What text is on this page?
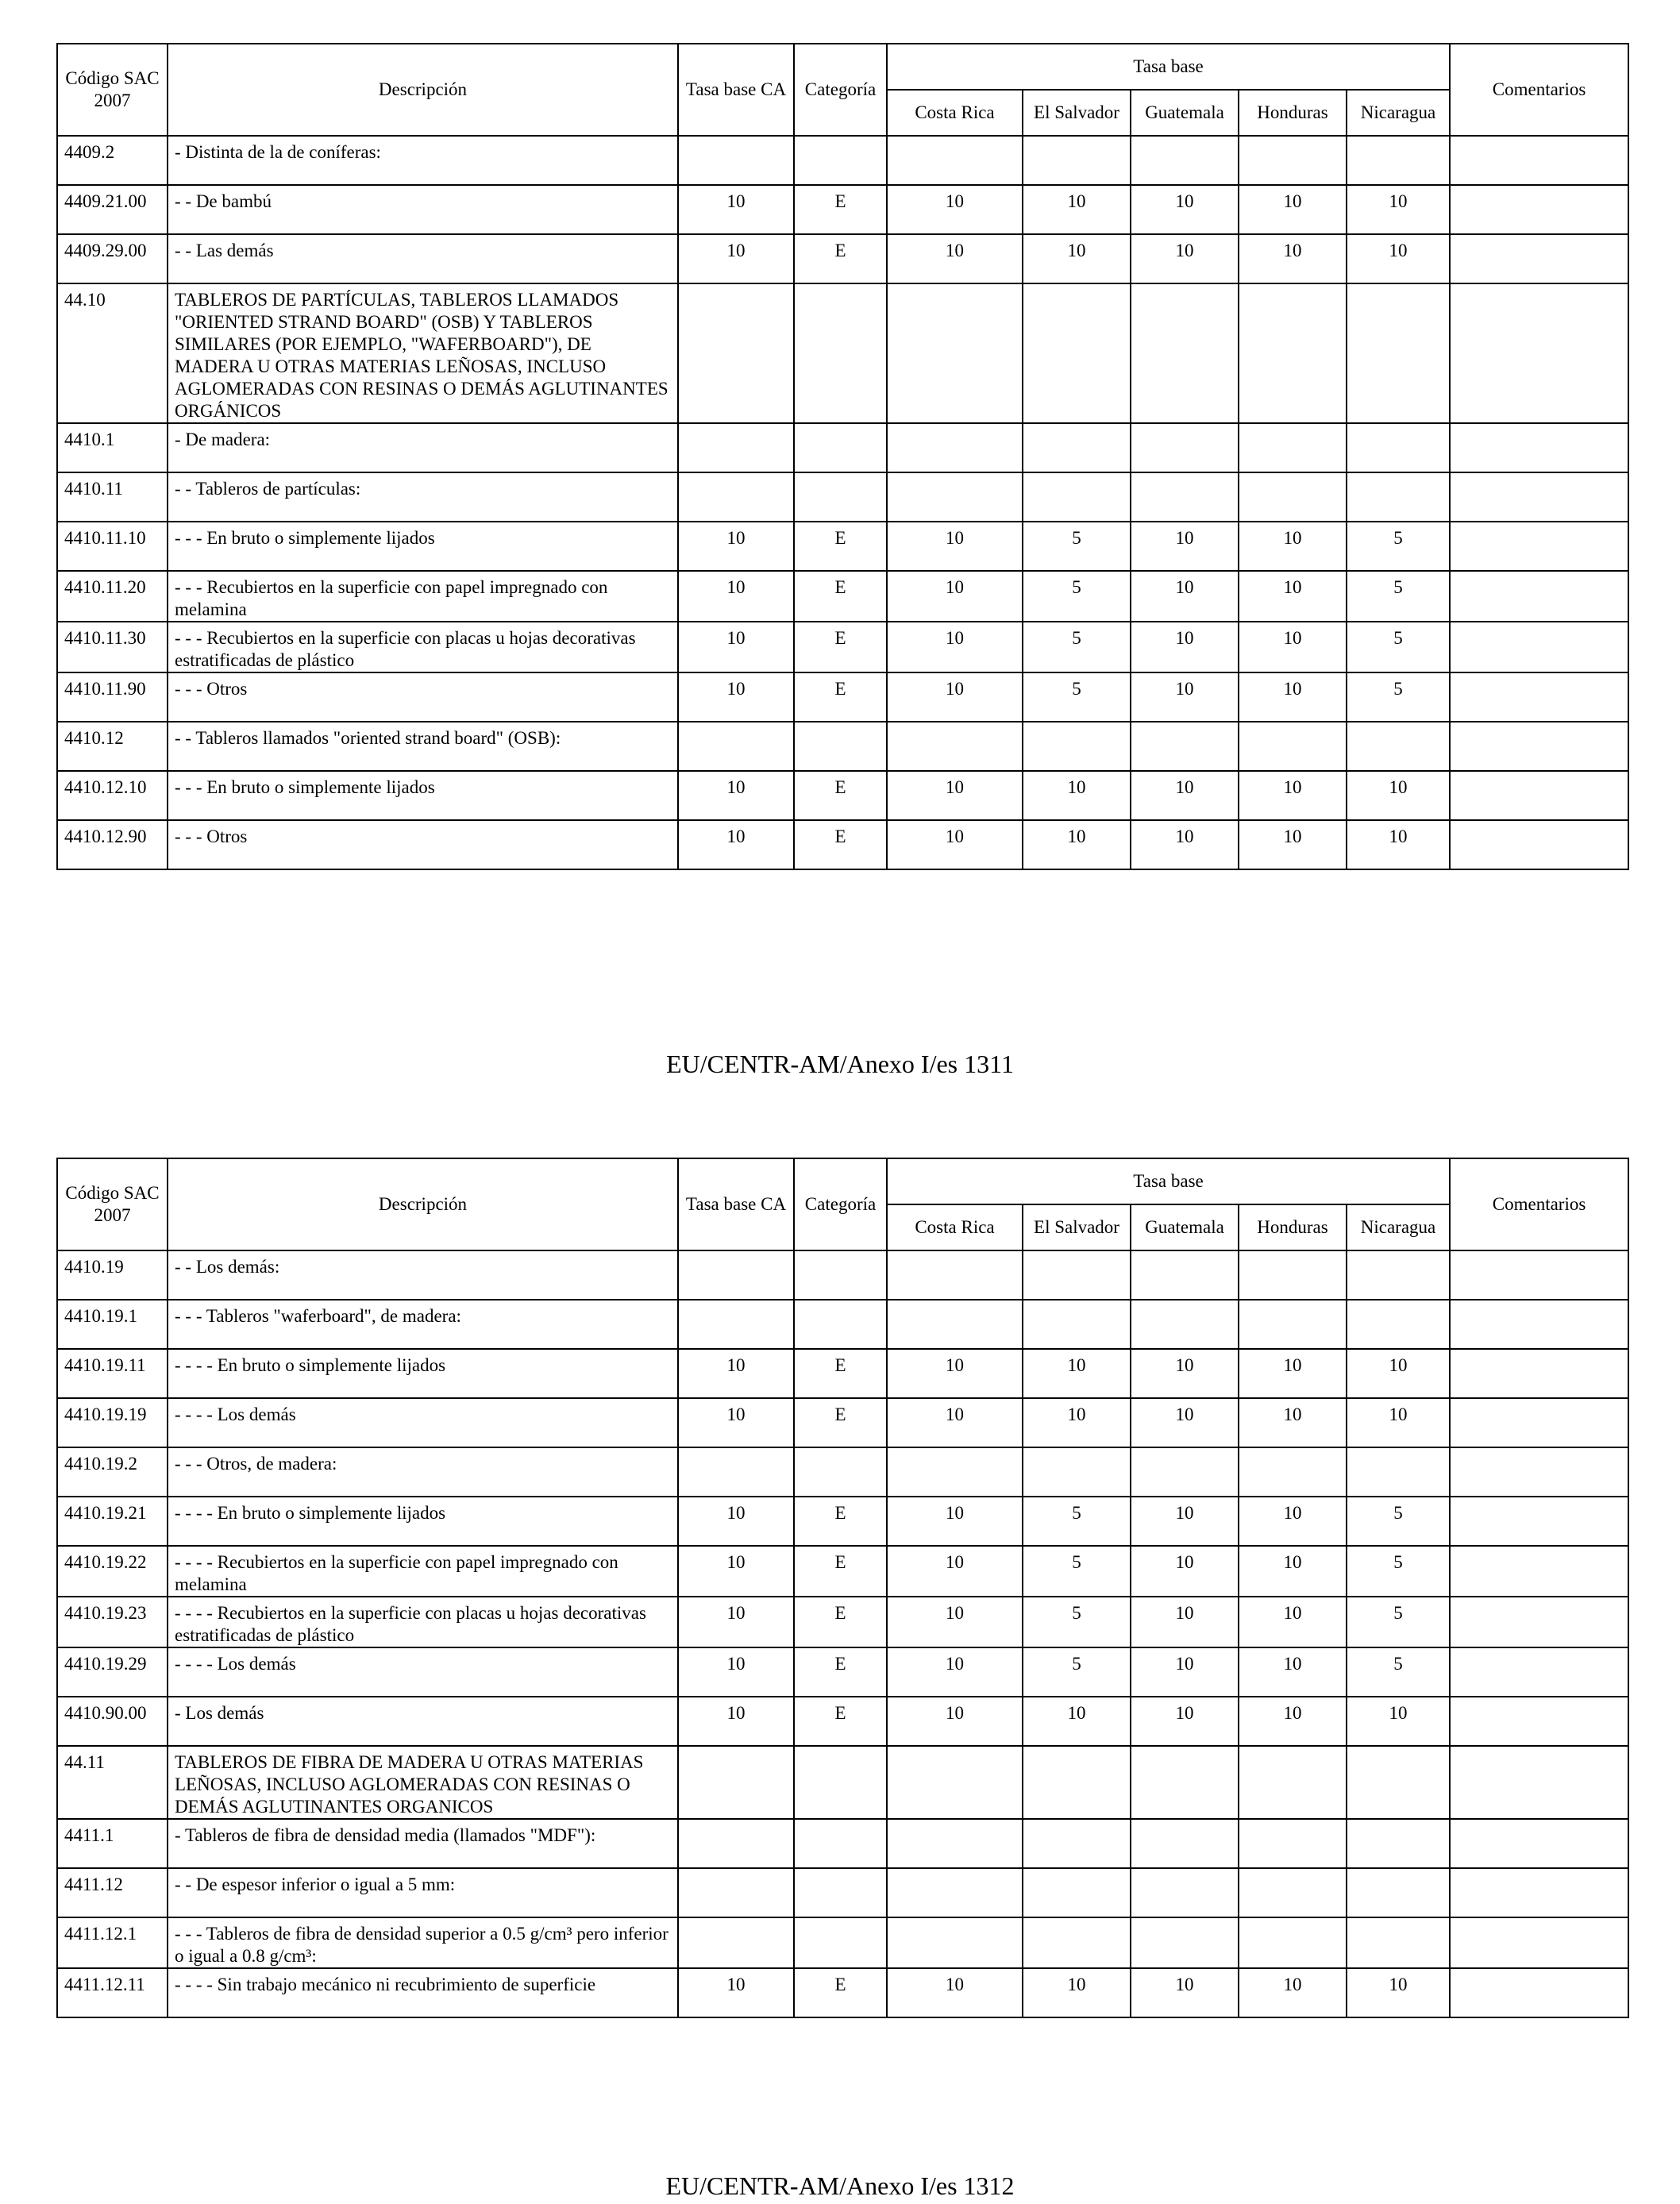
Código SAC
2007	Descripción	Tasa base CA	Categoría	Tasa base					Comentarios
				Costa Rica	El Salvador	Guatemala	Honduras	Nicaragua	
4409.2	- Distinta de la de coníferas:								
4409.21.00	- - De bambú	10	E	10	10	10	10	10	
4409.29.00	- - Las demás	10	E	10	10	10	10	10	
44.10	TABLEROS DE PARTÍCULAS, TABLEROS LLAMADOS "ORIENTED STRAND BOARD" (OSB) Y TABLEROS SIMILARES (POR EJEMPLO, "WAFERBOARD"), DE MADERA U OTRAS MATERIAS LEÑOSAS, INCLUSO AGLOMERADAS CON RESINAS O DEMÁS AGLUTINANTES ORGÁNICOS								
4410.1	- De madera:								
4410.11	- - Tableros de partículas:								
4410.11.10	- - - En bruto o simplemente lijados	10	E	10	5	10	10	5	
4410.11.20	- - - Recubiertos en la superficie con papel impregnado con melamina	10	E	10	5	10	10	5	
4410.11.30	- - - Recubiertos en la superficie con placas u hojas decorativas estratificadas de plástico	10	E	10	5	10	10	5	
4410.11.90	- - - Otros	10	E	10	5	10	10	5	
4410.12	- - Tableros llamados "oriented strand board" (OSB):								
4410.12.10	- - - En bruto o simplemente lijados	10	E	10	10	10	10	10	
4410.12.90	- - - Otros	10	E	10	10	10	10	10	
EU/CENTR-AM/Anexo I/es 1311
Código SAC
2007	Descripción	Tasa base CA	Categoría	Tasa base					Comentarios
				Costa Rica	El Salvador	Guatemala	Honduras	Nicaragua	
4410.19	- - Los demás:								
4410.19.1	- - - Tableros "waferboard", de madera:								
4410.19.11	- - - - En bruto o simplemente lijados	10	E	10	10	10	10	10	
4410.19.19	- - - - Los demás	10	E	10	10	10	10	10	
4410.19.2	- - - Otros, de madera:								
4410.19.21	- - - - En bruto o simplemente lijados	10	E	10	5	10	10	5	
4410.19.22	- - - - Recubiertos en la superficie con papel impregnado con melamina	10	E	10	5	10	10	5	
4410.19.23	- - - - Recubiertos en la superficie con placas u hojas decorativas estratificadas de plástico	10	E	10	5	10	10	5	
4410.19.29	- - - - Los demás	10	E	10	5	10	10	5	
4410.90.00	- Los demás	10	E	10	10	10	10	10	
44.11	TABLEROS DE FIBRA DE MADERA U OTRAS MATERIAS LEÑOSAS, INCLUSO AGLOMERADAS CON RESINAS O DEMÁS AGLUTINANTES ORGANICOS								
4411.1	- Tableros de fibra de densidad media (llamados "MDF"):								
4411.12	- - De espesor inferior o igual a 5 mm:								
4411.12.1	- - - Tableros de fibra de densidad superior a 0.5 g/cm³ pero inferior o igual a 0.8 g/cm³:								
4411.12.11	- - - - Sin trabajo mecánico ni recubrimiento de superficie	10	E	10	10	10	10	10	
EU/CENTR-AM/Anexo I/es 1312
